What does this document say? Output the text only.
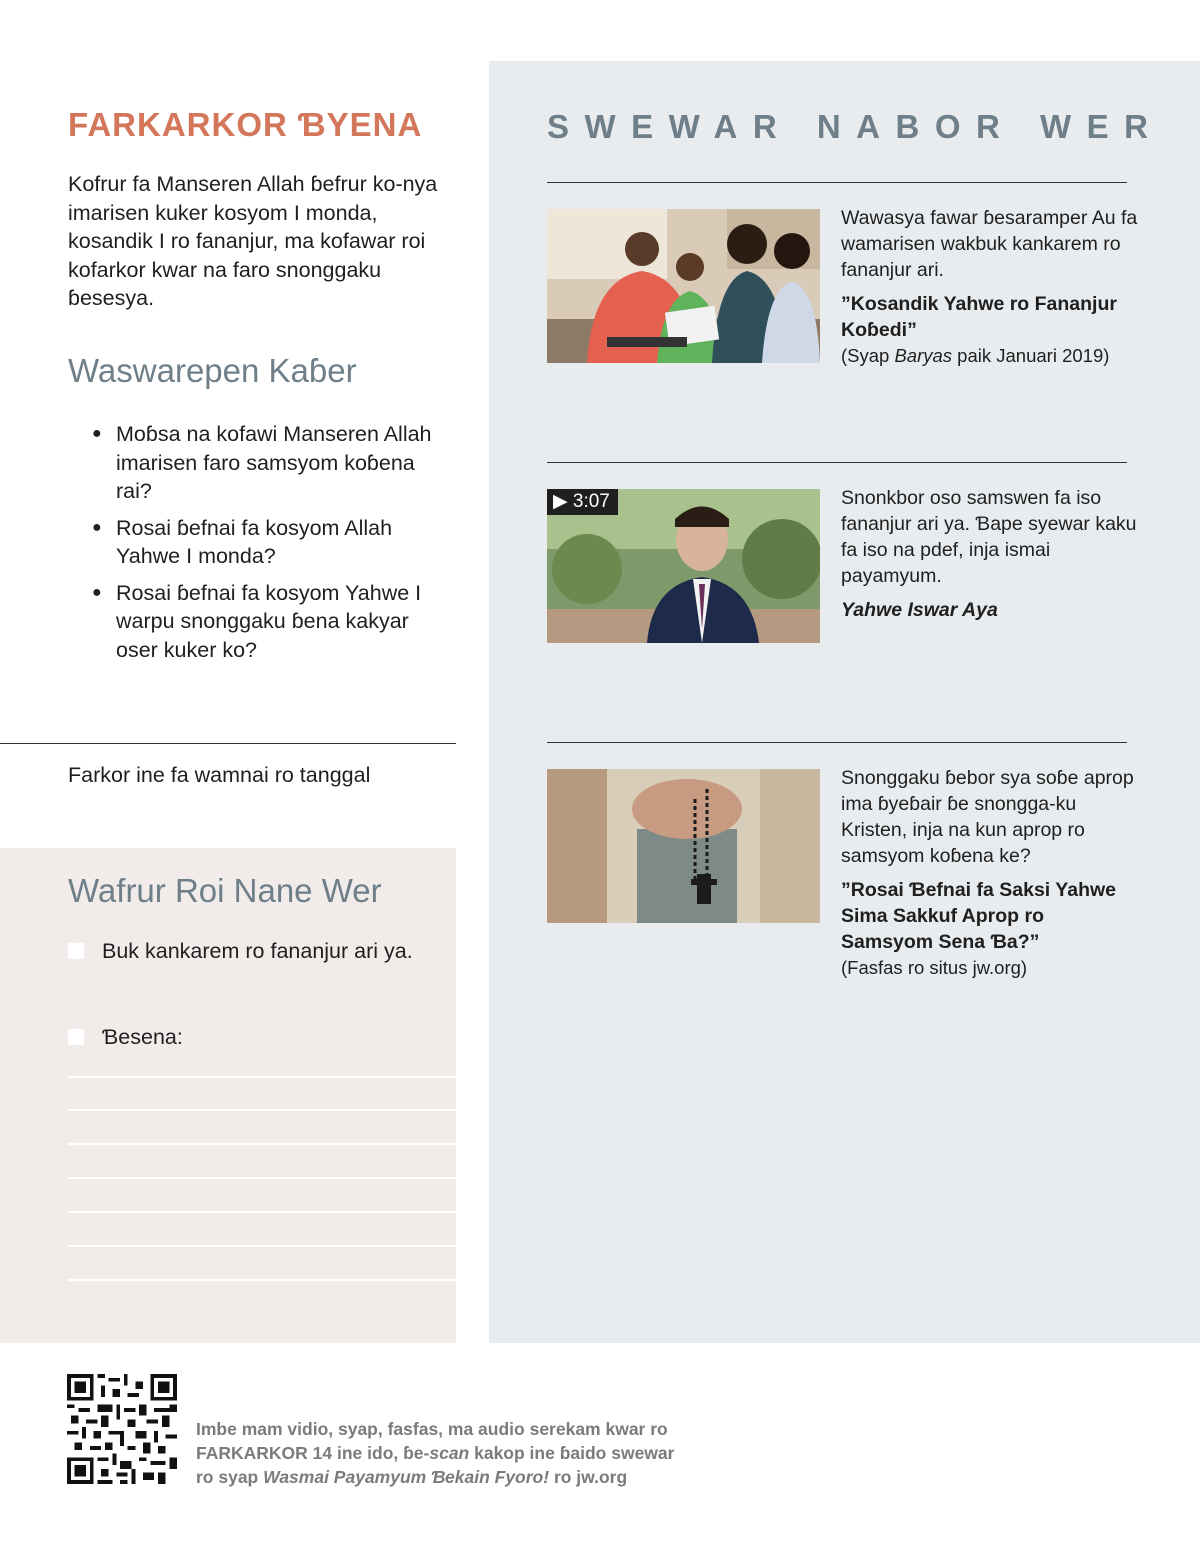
FARKARKOR ƁYENA

Kofrur fa Manseren Allah ɓefrur ko-nya imarisen kuker kosyom I monda, kosandik I ro fananjur, ma kofawar roi kofarkor kwar na faro snonggaku ɓesesya.

Waswarepen Kaɓer
● Moɓsa na kofawi Manseren Allah imarisen faro samsyom koɓena rai?
● Rosai ɓefnai fa kosyom Allah Yahwe I monda?
● Rosai ɓefnai fa kosyom Yahwe I warpu snonggaku ɓena kakyar oser kuker ko?
Farkor ine fa wamnai ro tanggal
Wafrur Roi Nane Wer
Buk kankarem ro fananjur ari ya.
Ɓesena:
SWEWAR NABOR WER
Wawasya fawar ɓesaramper Au fa wamarisen wakbuk kankarem ro fananjur ari.
”Kosandik Yahwe ro Fananjur Koɓedi”
(Syap Baryas paik Januari 2019)
▶ 3:07	Snonkbor oso samswen fa iso fananjur ari ya. Ɓape syewar kaku fa iso na pdef, inja ismai payamyum.
Yahwe Iswar Aya
Snonggaku ɓebor sya soɓe aprop ima ɓyeɓair ɓe snongga-ku Kristen, inja na kun aprop ro samsyom koɓena ke?
”Rosai Ɓefnai fa Saksi Yahwe Sima Sakkuf Aprop ro Samsyom Sena Ɓa?”
(Fasfas ro situs jw.org)
Imbe mam vidio, syap, fasfas, ma audio serekam kwar ro
FARKARKOR 14 ine ido, ɓe-scan kakop ine ɓaido swewar
ro syap Wasmai Payamyum Ɓekain Fyoro! ro jw.org
